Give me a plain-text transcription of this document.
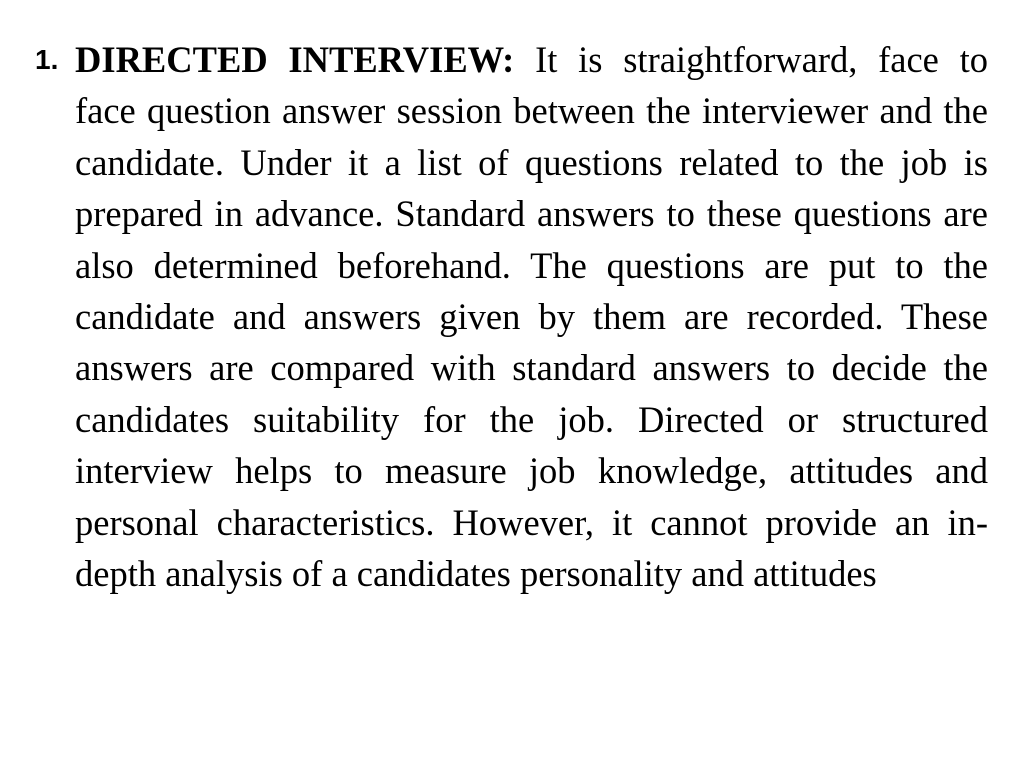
1. DIRECTED INTERVIEW: It is straightforward, face to face question answer session between the interviewer and the candidate. Under it a list of questions related to the job is prepared in advance. Standard answers to these questions are also determined beforehand. The questions are put to the candidate and answers given by them are recorded. These answers are compared with standard answers to decide the candidates suitability for the job. Directed or structured interview helps to measure job knowledge, attitudes and personal characteristics. However, it cannot provide an in-depth analysis of a candidates personality and attitudes
